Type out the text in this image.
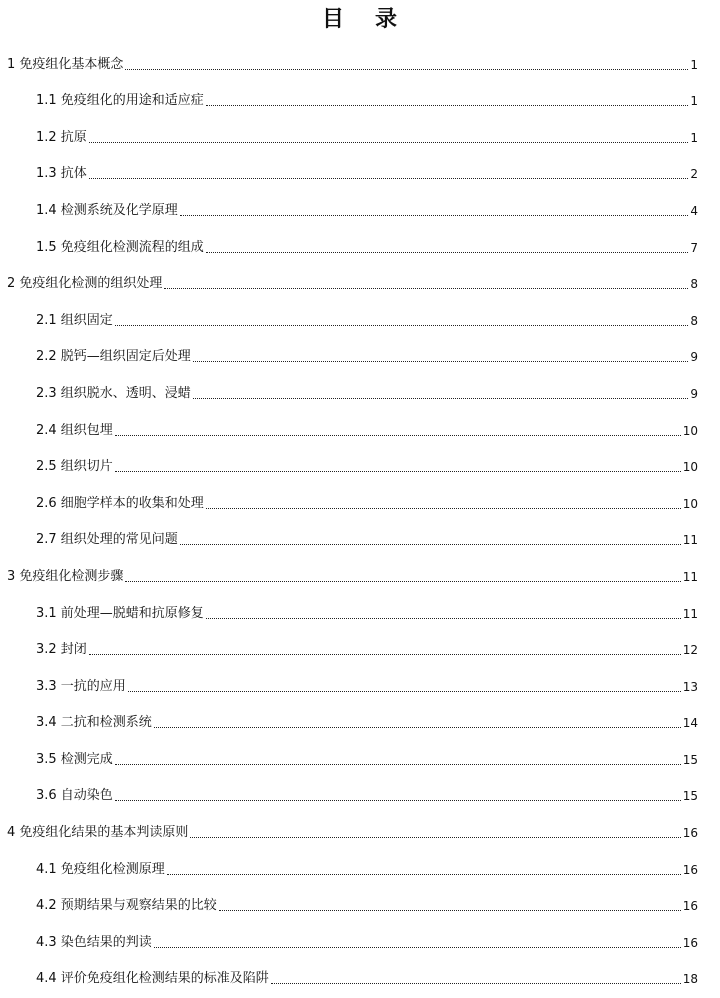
目 录
1 免疫组化基本概念	1
1.1 免疫组化的用途和适应症	1
1.2 抗原	1
1.3 抗体	2
1.4 检测系统及化学原理	4
1.5 免疫组化检测流程的组成	7
2 免疫组化检测的组织处理	8
2.1 组织固定	8
2.2 脱钙—组织固定后处理	9
2.3 组织脱水、透明、浸蜡	9
2.4 组织包埋	10
2.5 组织切片	10
2.6 细胞学样本的收集和处理	10
2.7 组织处理的常见问题	11
3 免疫组化检测步骤	11
3.1 前处理—脱蜡和抗原修复	11
3.2 封闭	12
3.3 一抗的应用	13
3.4 二抗和检测系统	14
3.5 检测完成	15
3.6 自动染色	15
4 免疫组化结果的基本判读原则	16
4.1 免疫组化检测原理	16
4.2 预期结果与观察结果的比较	16
4.3 染色结果的判读	16
4.4 评价免疫组化检测结果的标准及陷阱	18
